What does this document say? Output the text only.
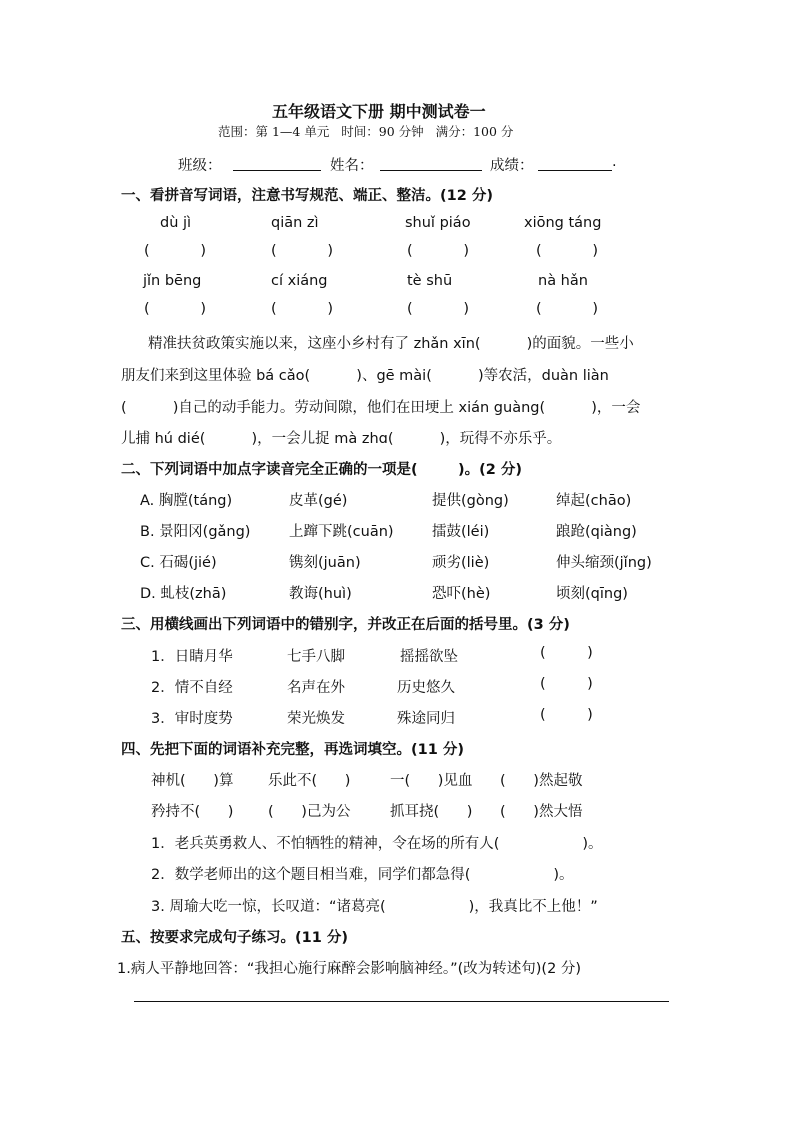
五年级语文下册 期中测试卷一
范围：第 1—4 单元   时间：90 分钟   满分：100 分
班级：	姓名：	成绩：	.
一、看拼音写词语，注意书写规范、端正、整洁。(12 分)
dù jì	qiān zì	shuǐ piáo	xiōng táng
(           )	(           )	(           )	(           )
jǐn bēng	cí xiáng	tè shū	nà hǎn
(           )	(           )	(           )	(           )
精准扶贫政策实施以来，这座小乡村有了 zhǎn xīn(          )的面貌。一些小
朋友们来到这里体验 bá cǎo(          )、gē mài(          )等农活，duàn liàn
(          )自己的动手能力。劳动间隙，他们在田埂上 xián guàng(          )，一会
儿捕 hú dié(          )，一会儿捉 mà zhɑ(          )，玩得不亦乐乎。
二、下列词语中加点字读音完全正确的一项是(        )。(2 分)
A. 胸膛(táng)	皮革(gé)	提供(gòng)	绰起(chāo)
B. 景阳冈(gǎng)	上蹿下跳(cuān)	擂鼓(léi)	踉跄(qiàng)
C. 石碣(jié)	镌刻(juān)	顽劣(liè)	伸头缩颈(jǐng)
D. 虬枝(zhā)	教诲(huì)	恐吓(hè)	顷刻(qīng)
三、用横线画出下列词语中的错别字，并改正在后面的括号里。(3 分)
1．日睛月华	七手八脚	摇摇欲坠	(         )
2．情不自经	名声在外	历史悠久	(         )
3．审时度势	荣光焕发	殊途同归	(         )
四、先把下面的词语补充完整，再选词填空。(11 分)
神机(      )算 乐此不(      )	一(      )见血 (      )然起敬
矜持不(      ) (      )己为公	抓耳挠(      ) (      )然大悟
1．老兵英勇救人、不怕牺牲的精神，令在场的所有人(                  )。
2．数学老师出的这个题目相当难，同学们都急得(                  )。
3. 周瑜大吃一惊，长叹道：“诸葛亮(                  )，我真比不上他！”
五、按要求完成句子练习。(11 分)
1.病人平静地回答：“我担心施行麻醉会影响脑神经。”(改为转述句)(2 分)
